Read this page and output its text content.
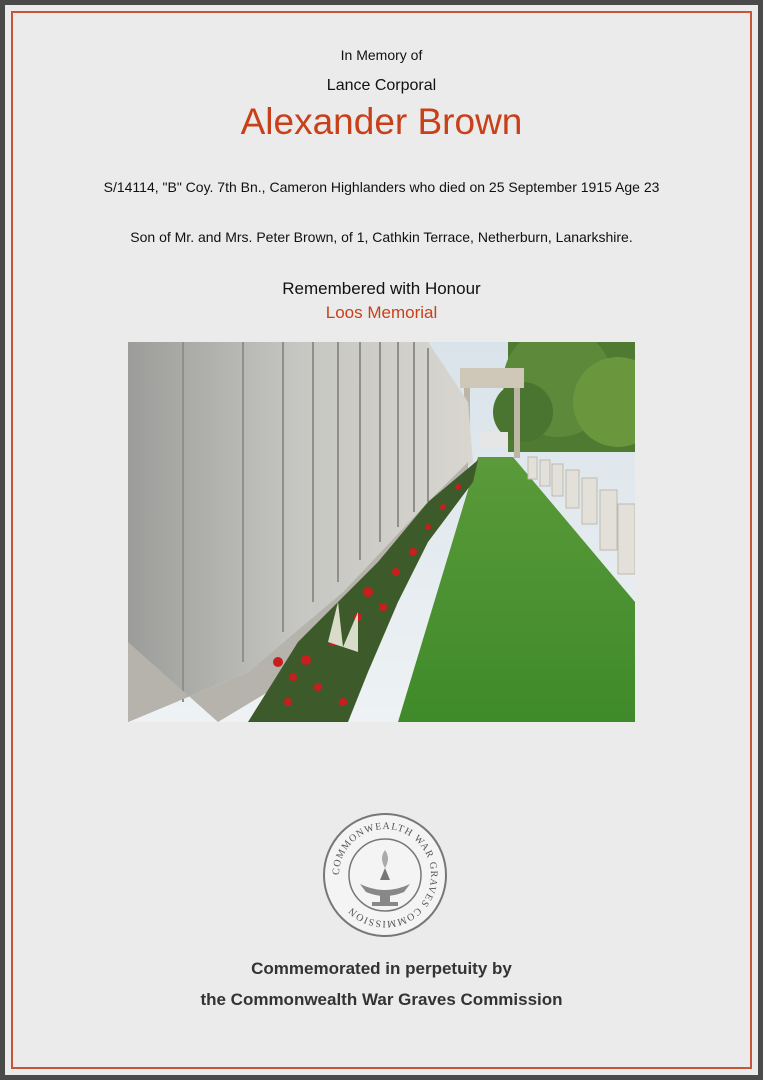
In Memory of
Lance Corporal
Alexander Brown
S/14114, "B" Coy. 7th Bn., Cameron Highlanders who died on 25 September 1915 Age 23
Son of Mr. and Mrs. Peter Brown, of 1, Cathkin Terrace, Netherburn, Lanarkshire.
Remembered with Honour
Loos Memorial
COMMONWEALTH WAR GRAVES COMMISSION
Commemorated in perpetuity by
the Commonwealth War Graves Commission
